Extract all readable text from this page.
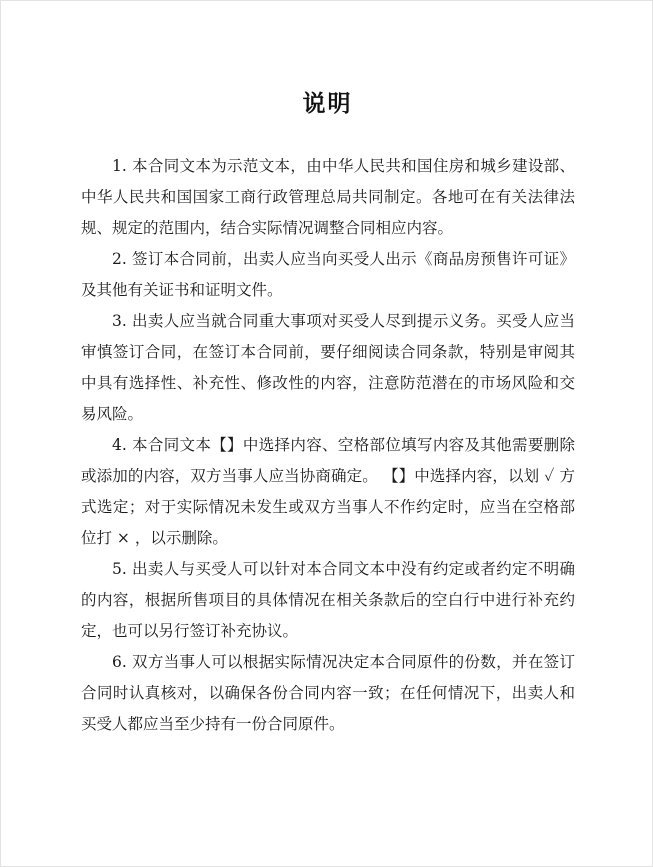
说明

1. 本合同文本为示范文本，由中华人民共和国住房和城乡建设部、中华人民共和国国家工商行政管理总局共同制定。各地可在有关法律法规、规定的范围内，结合实际情况调整合同相应内容。

2. 签订本合同前，出卖人应当向买受人出示《商品房预售许可证》及其他有关证书和证明文件。

3. 出卖人应当就合同重大事项对买受人尽到提示义务。买受人应当审慎签订合同，在签订本合同前，要仔细阅读合同条款，特别是审阅其中具有选择性、补充性、修改性的内容，注意防范潜在的市场风险和交易风险。

4. 本合同文本【】中选择内容、空格部位填写内容及其他需要删除或添加的内容，双方当事人应当协商确定。 【】中选择内容，以划 ✓ 方式选定；对于实际情况未发生或双方当事人不作约定时，应当在空格部位打 × ，以示删除。

5. 出卖人与买受人可以针对本合同文本中没有约定或者约定不明确的内容，根据所售项目的具体情况在相关条款后的空白行中进行补充约定，也可以另行签订补充协议。

6. 双方当事人可以根据实际情况决定本合同原件的份数，并在签订合同时认真核对，以确保各份合同内容一致；在任何情况下，出卖人和买受人都应当至少持有一份合同原件。
